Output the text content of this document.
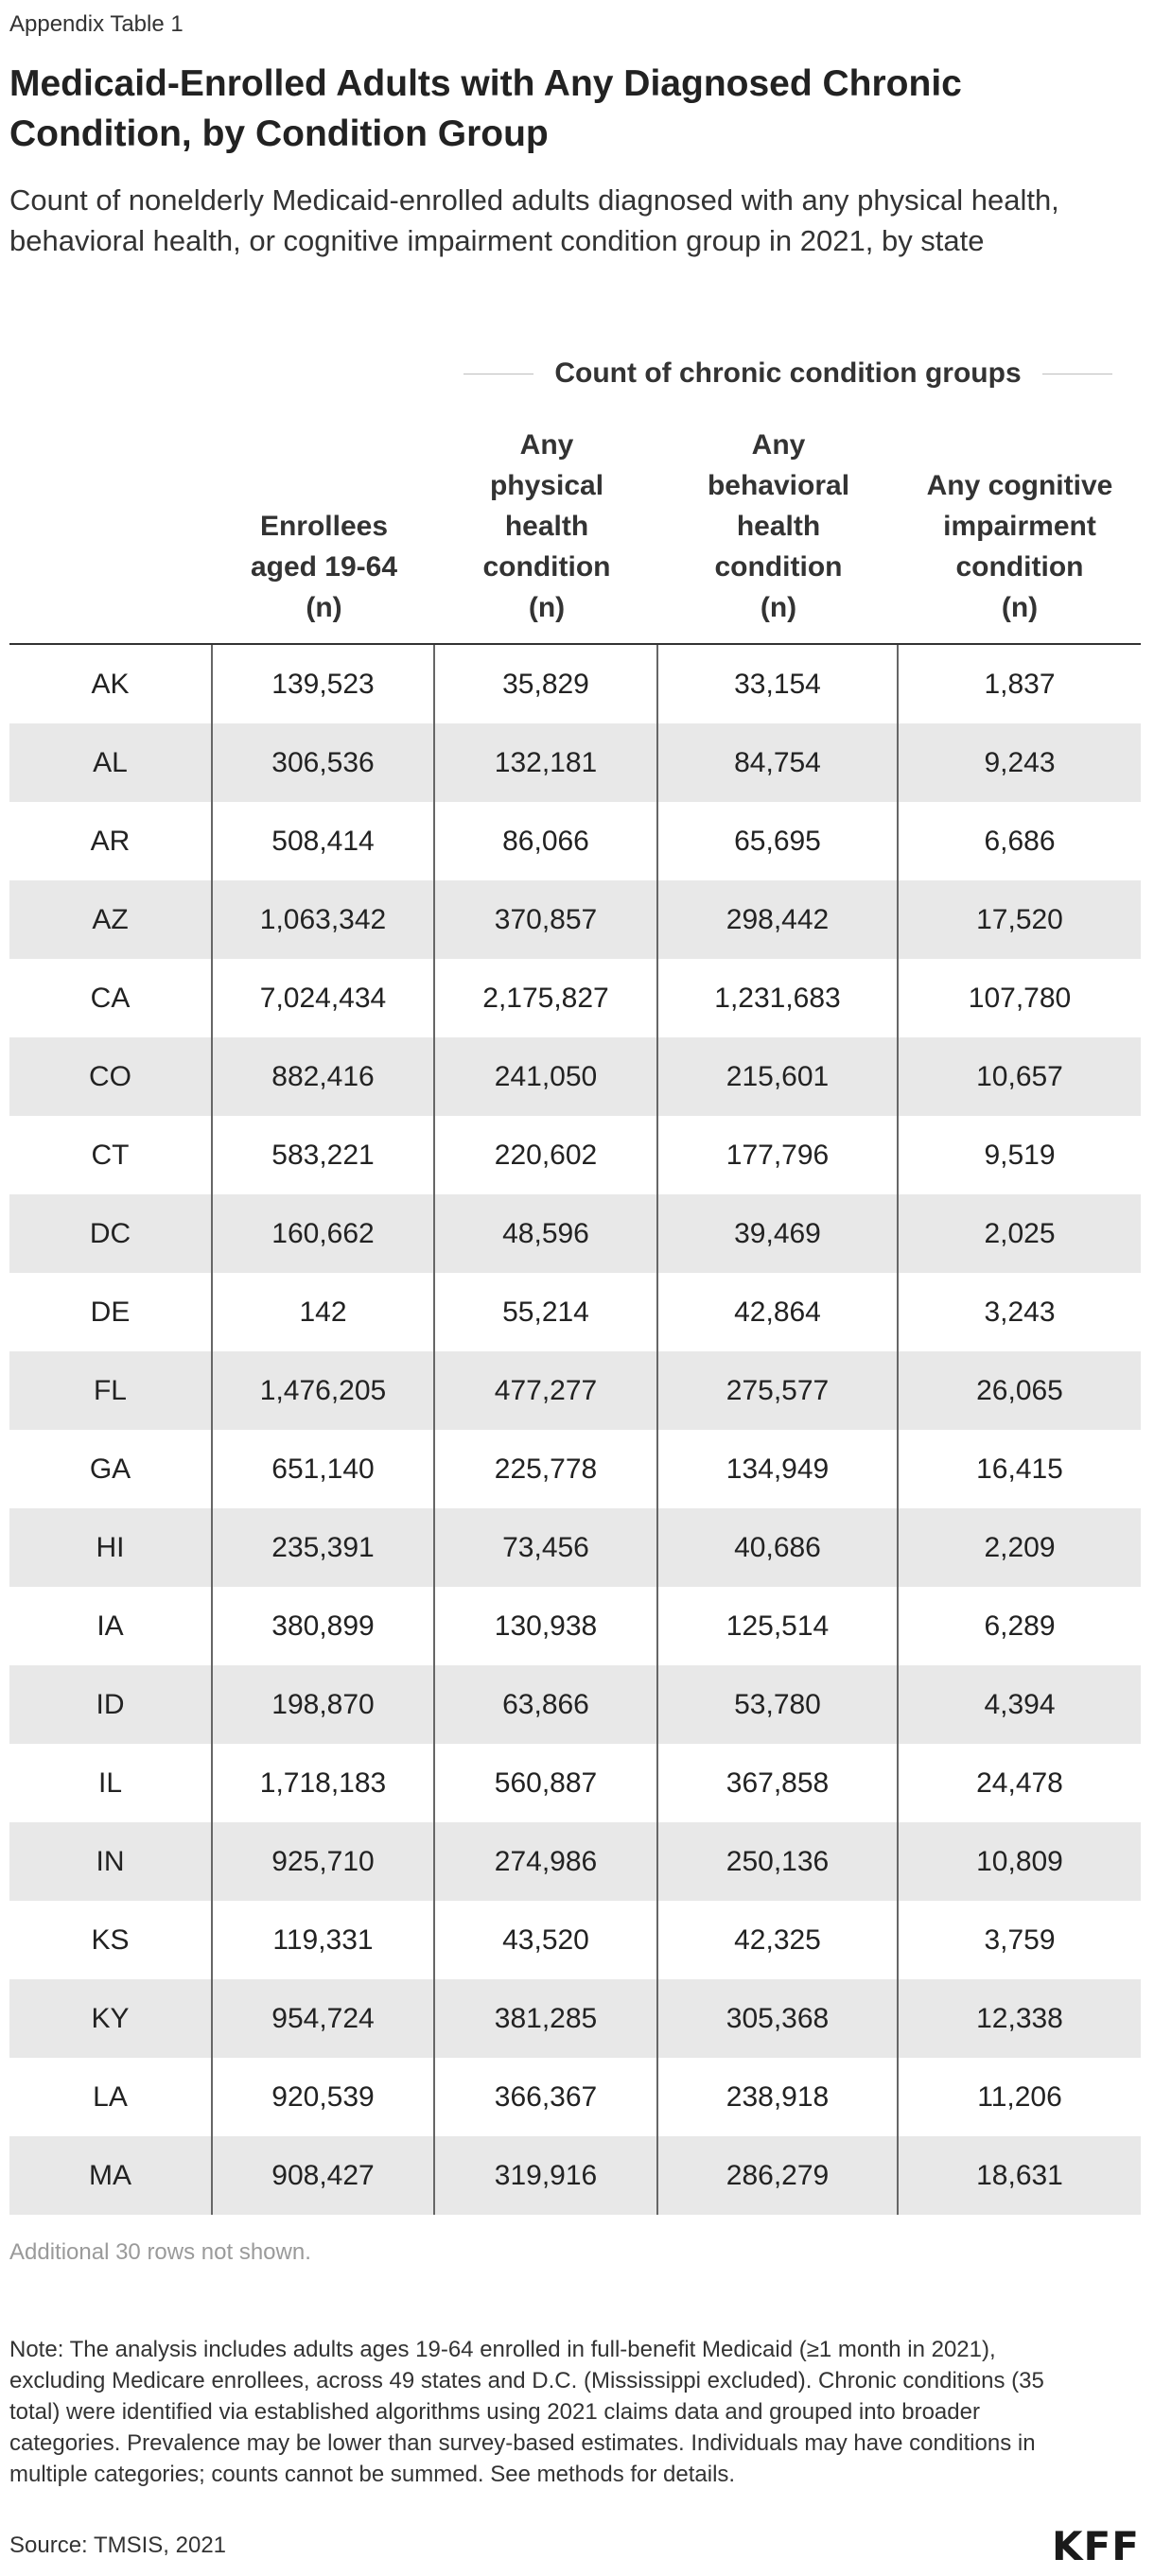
Appendix Table 1
Medicaid-Enrolled Adults with Any Diagnosed Chronic Condition, by Condition Group
Count of nonelderly Medicaid-enrolled adults diagnosed with any physical health, behavioral health, or cognitive impairment condition group in 2021, by state
Count of chronic condition groups
Enrollees
aged 19-64
(n)
Any
physical
health
condition
(n)
Any
behavioral
health
condition
(n)
Any cognitive
impairment
condition
(n)
AK	139,523	35,829	33,154	1,837
AL	306,536	132,181	84,754	9,243
AR	508,414	86,066	65,695	6,686
AZ	1,063,342	370,857	298,442	17,520
CA	7,024,434	2,175,827	1,231,683	107,780
CO	882,416	241,050	215,601	10,657
CT	583,221	220,602	177,796	9,519
DC	160,662	48,596	39,469	2,025
DE	142	55,214	42,864	3,243
FL	1,476,205	477,277	275,577	26,065
GA	651,140	225,778	134,949	16,415
HI	235,391	73,456	40,686	2,209
IA	380,899	130,938	125,514	6,289
ID	198,870	63,866	53,780	4,394
IL	1,718,183	560,887	367,858	24,478
IN	925,710	274,986	250,136	10,809
KS	119,331	43,520	42,325	3,759
KY	954,724	381,285	305,368	12,338
LA	920,539	366,367	238,918	11,206
MA	908,427	319,916	286,279	18,631
Additional 30 rows not shown.
Note: The analysis includes adults ages 19-64 enrolled in full-benefit Medicaid (≥1 month in 2021), excluding Medicare enrollees, across 49 states and D.C. (Mississippi excluded). Chronic conditions (35 total) were identified via established algorithms using 2021 claims data and grouped into broader categories. Prevalence may be lower than survey-based estimates. Individuals may have conditions in multiple categories; counts cannot be summed. See methods for details.
Source: TMSIS, 2021	KFF
